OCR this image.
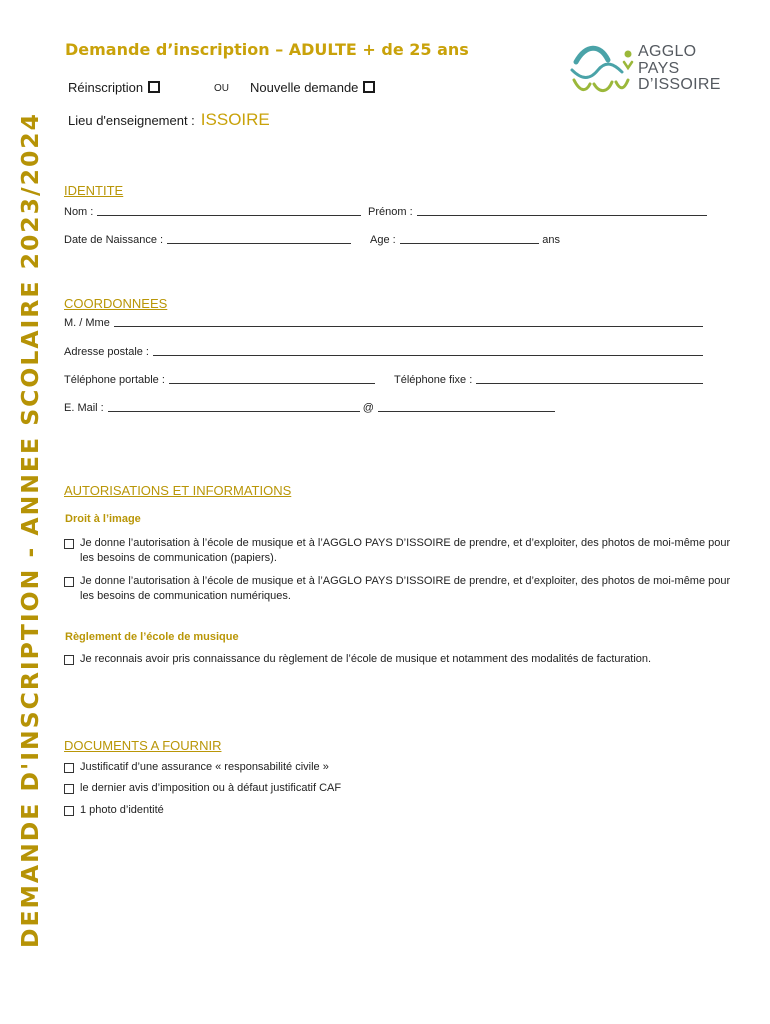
DEMANDE D'INSCRIPTION - ANNEE SCOLAIRE 2023/2024
Demande d’inscription – ADULTE + de 25 ans
Réinscription	OU Nouvelle demande
Lieu d'enseignement : ISSOIRE
AGGLO
PAYS
D’ISSOIRE
IDENTITE
Nom :	Prénom :
Date de Naissance :	Age :	ans
COORDONNEES
M. / Mme
Adresse postale :
Téléphone portable :	Téléphone fixe :
E. Mail :	@
AUTORISATIONS ET INFORMATIONS
Droit à l’image
Je donne l’autorisation à l’école de musique et à l’AGGLO PAYS D’ISSOIRE de prendre, et d’exploiter, des photos de moi-même pour les besoins de communication (papiers).
Je donne l’autorisation à l’école de musique et à l’AGGLO PAYS D’ISSOIRE de prendre, et d’exploiter, des photos de moi-même pour les besoins de communication numériques.
Règlement de l’école de musique
Je reconnais avoir pris connaissance du règlement de l’école de musique et notamment des modalités de facturation.
DOCUMENTS A FOURNIR
Justificatif d’une assurance « responsabilité civile »
le dernier avis d’imposition ou à défaut justificatif CAF
1 photo d’identité
